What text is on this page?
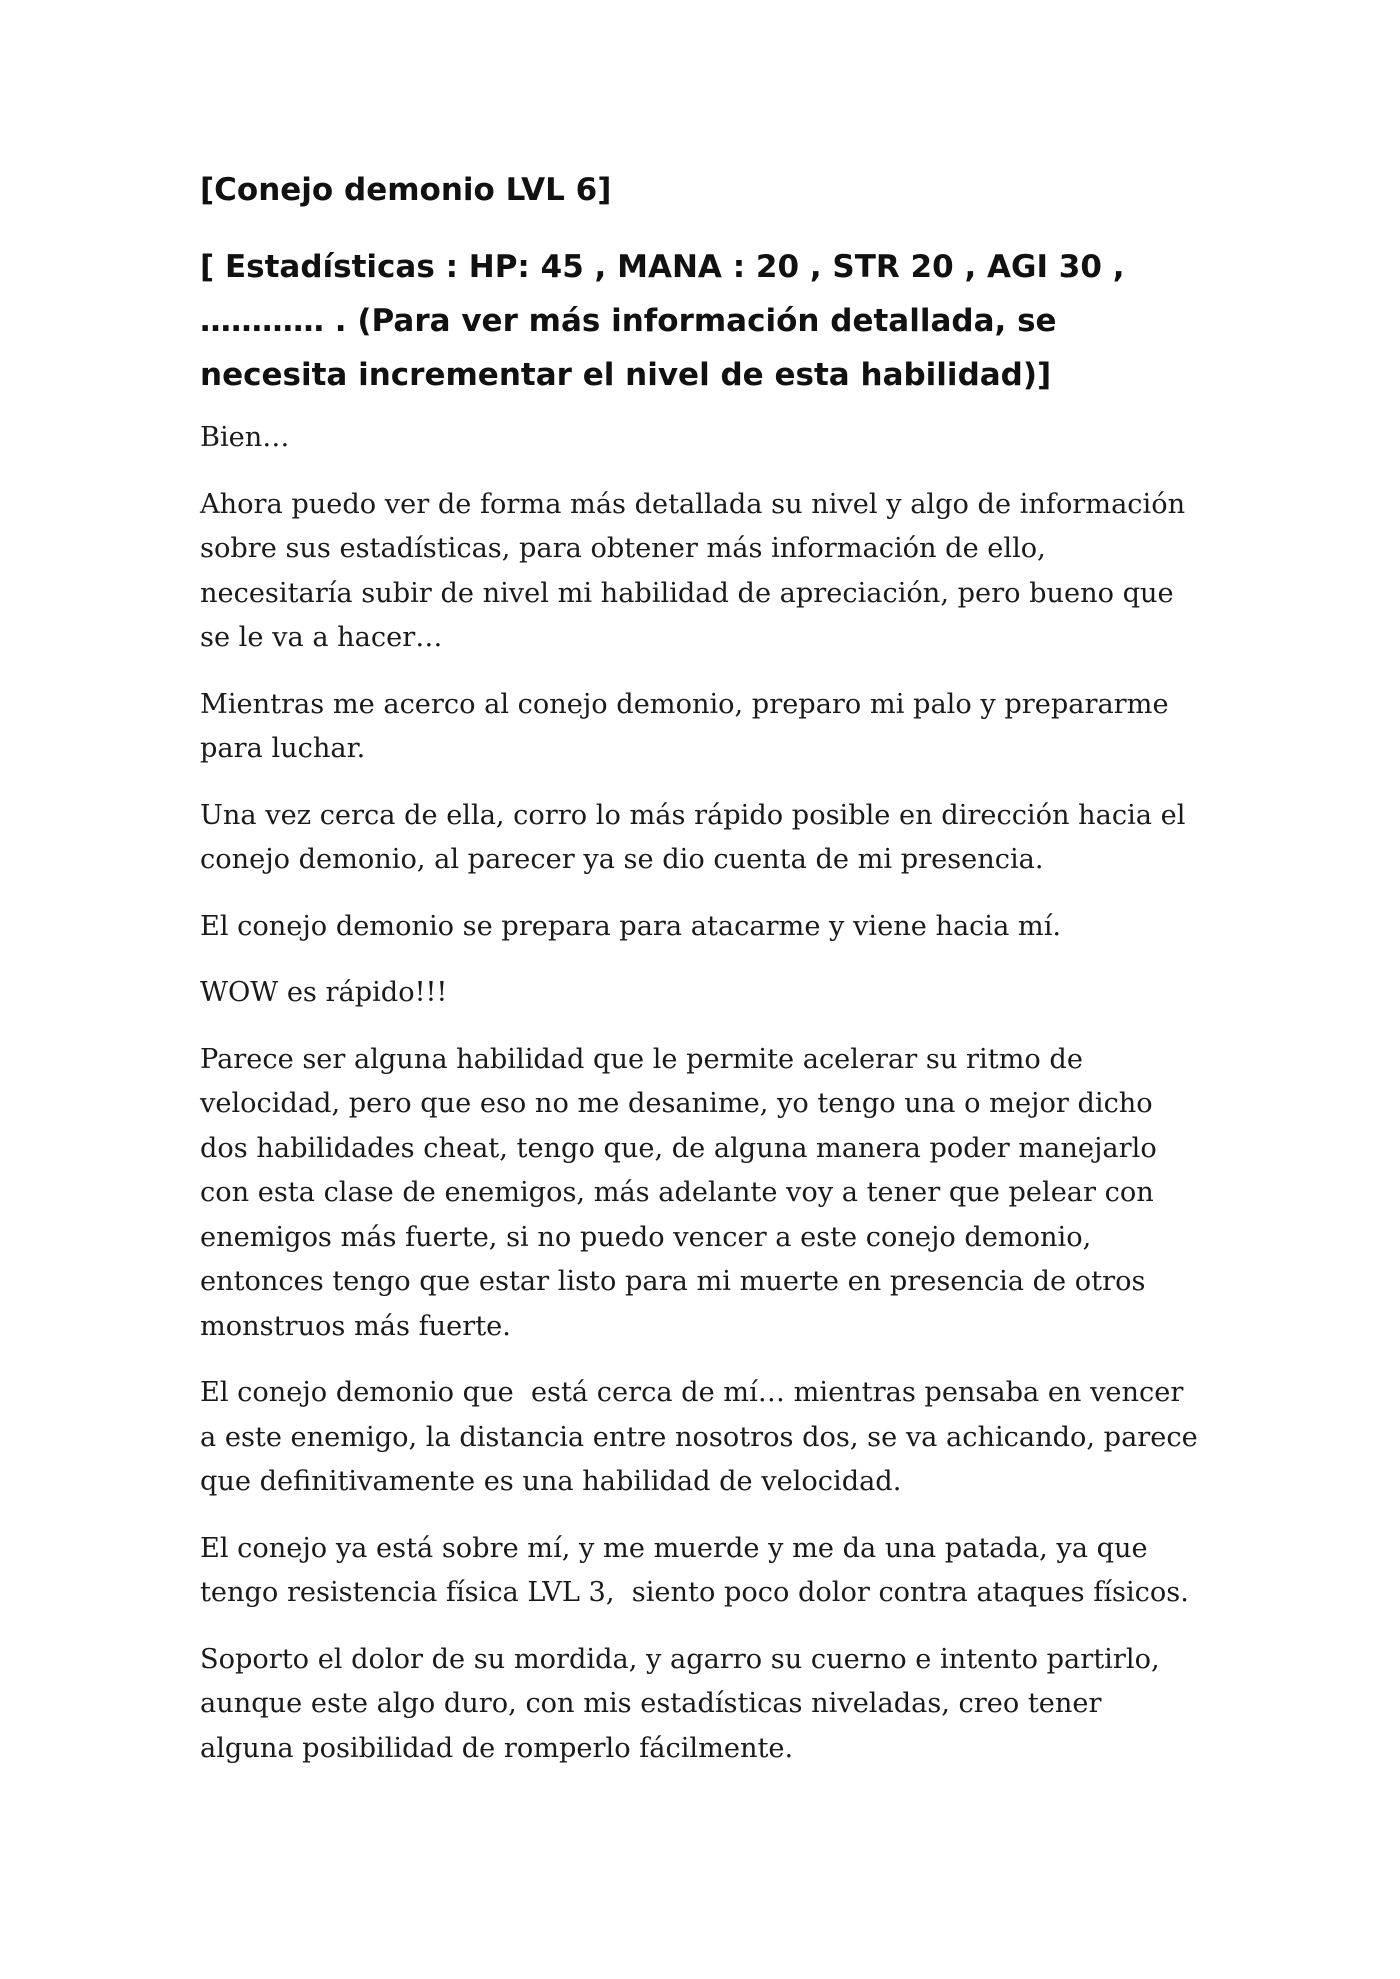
[Conejo demonio LVL 6]
[ Estadísticas : HP: 45 , MANA : 20 , STR 20 , AGI 30 ,
………… . (Para ver más información detallada, se
necesita incrementar el nivel de esta habilidad)]

Bien…

Ahora puedo ver de forma más detallada su nivel y algo de información
sobre sus estadísticas, para obtener más información de ello,
necesitaría subir de nivel mi habilidad de apreciación, pero bueno que
se le va a hacer…

Mientras me acerco al conejo demonio, preparo mi palo y prepararme
para luchar.

Una vez cerca de ella, corro lo más rápido posible en dirección hacia el
conejo demonio, al parecer ya se dio cuenta de mi presencia.

El conejo demonio se prepara para atacarme y viene hacia mí.

WOW es rápido!!!

Parece ser alguna habilidad que le permite acelerar su ritmo de
velocidad, pero que eso no me desanime, yo tengo una o mejor dicho
dos habilidades cheat, tengo que, de alguna manera poder manejarlo
con esta clase de enemigos, más adelante voy a tener que pelear con
enemigos más fuerte, si no puedo vencer a este conejo demonio,
entonces tengo que estar listo para mi muerte en presencia de otros
monstruos más fuerte.

El conejo demonio que  está cerca de mí… mientras pensaba en vencer
a este enemigo, la distancia entre nosotros dos, se va achicando, parece
que definitivamente es una habilidad de velocidad.

El conejo ya está sobre mí, y me muerde y me da una patada, ya que
tengo resistencia física LVL 3,  siento poco dolor contra ataques físicos.

Soporto el dolor de su mordida, y agarro su cuerno e intento partirlo,
aunque este algo duro, con mis estadísticas niveladas, creo tener
alguna posibilidad de romperlo fácilmente.
